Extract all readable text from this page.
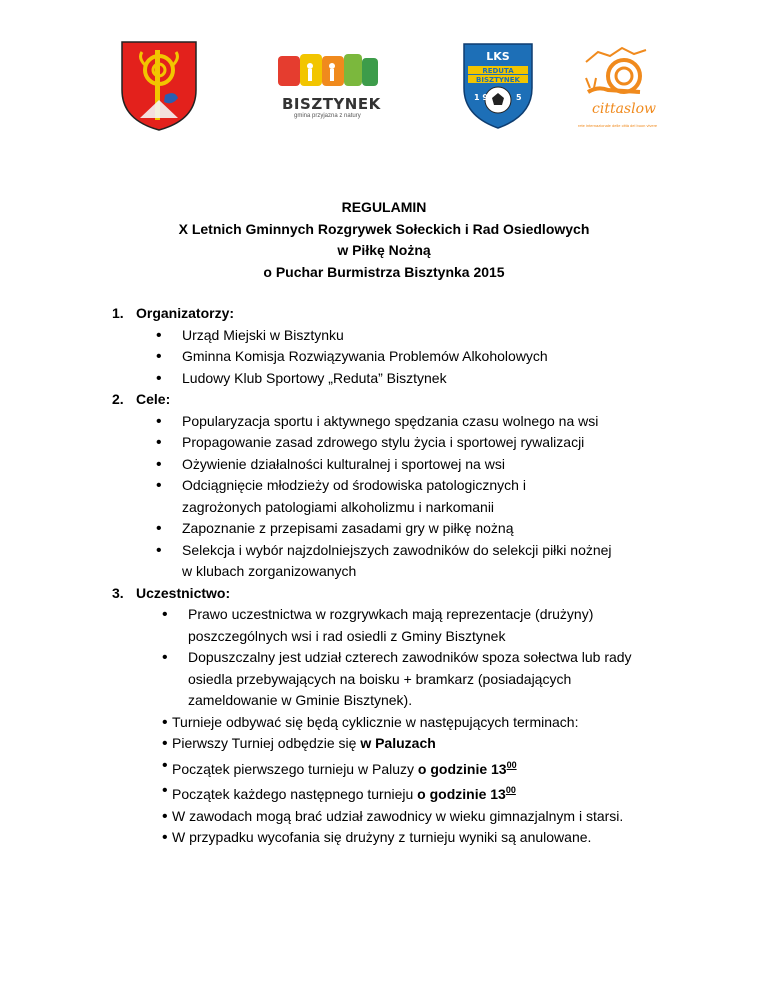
BISZTYNEK
gmina przyjazna z natury
LKS
REDUTA
BISZTYNEK
1 9	5
cittaslow
rete internazionale delle città del buon vivere
REGULAMIN
X Letnich Gminnych Rozgrywek Sołeckich i Rad Osiedlowych
w Piłkę Nożną
o Puchar Burmistrza Bisztynka 2015
1. Organizatorzy:
• Urząd Miejski w Bisztynku
• Gminna Komisja Rozwiązywania Problemów Alkoholowych
• Ludowy Klub Sportowy „Reduta” Bisztynek
2. Cele:
• Popularyzacja sportu i aktywnego spędzania czasu wolnego na wsi
• Propagowanie zasad zdrowego stylu życia i sportowej rywalizacji
• Ożywienie działalności kulturalnej i sportowej na wsi
• Odciągnięcie młodzieży od środowiska patologicznych i zagrożonych patologiami alkoholizmu i narkomanii
• Zapoznanie z przepisami zasadami gry w piłkę nożną
• Selekcja i wybór najzdolniejszych zawodników do selekcji piłki nożnej w klubach zorganizowanych
3. Uczestnictwo:
• Prawo uczestnictwa w rozgrywkach mają reprezentacje (drużyny) poszczególnych wsi i rad osiedli z Gminy Bisztynek
• Dopuszczalny jest udział czterech zawodników spoza sołectwa lub rady osiedla przebywających na boisku + bramkarz (posiadających zameldowanie w Gminie Bisztynek).
• Turnieje odbywać się będą cyklicznie w następujących terminach:
• Pierwszy Turniej odbędzie się w Paluzach
• Początek pierwszego turnieju w Paluzy o godzinie $13^{00}$
• Początek każdego następnego turnieju o godzinie $13^{00}$
• W zawodach mogą brać udział zawodnicy w wieku gimnazjalnym i starsi.
• W przypadku wycofania się drużyny z turnieju wyniki są anulowane.
